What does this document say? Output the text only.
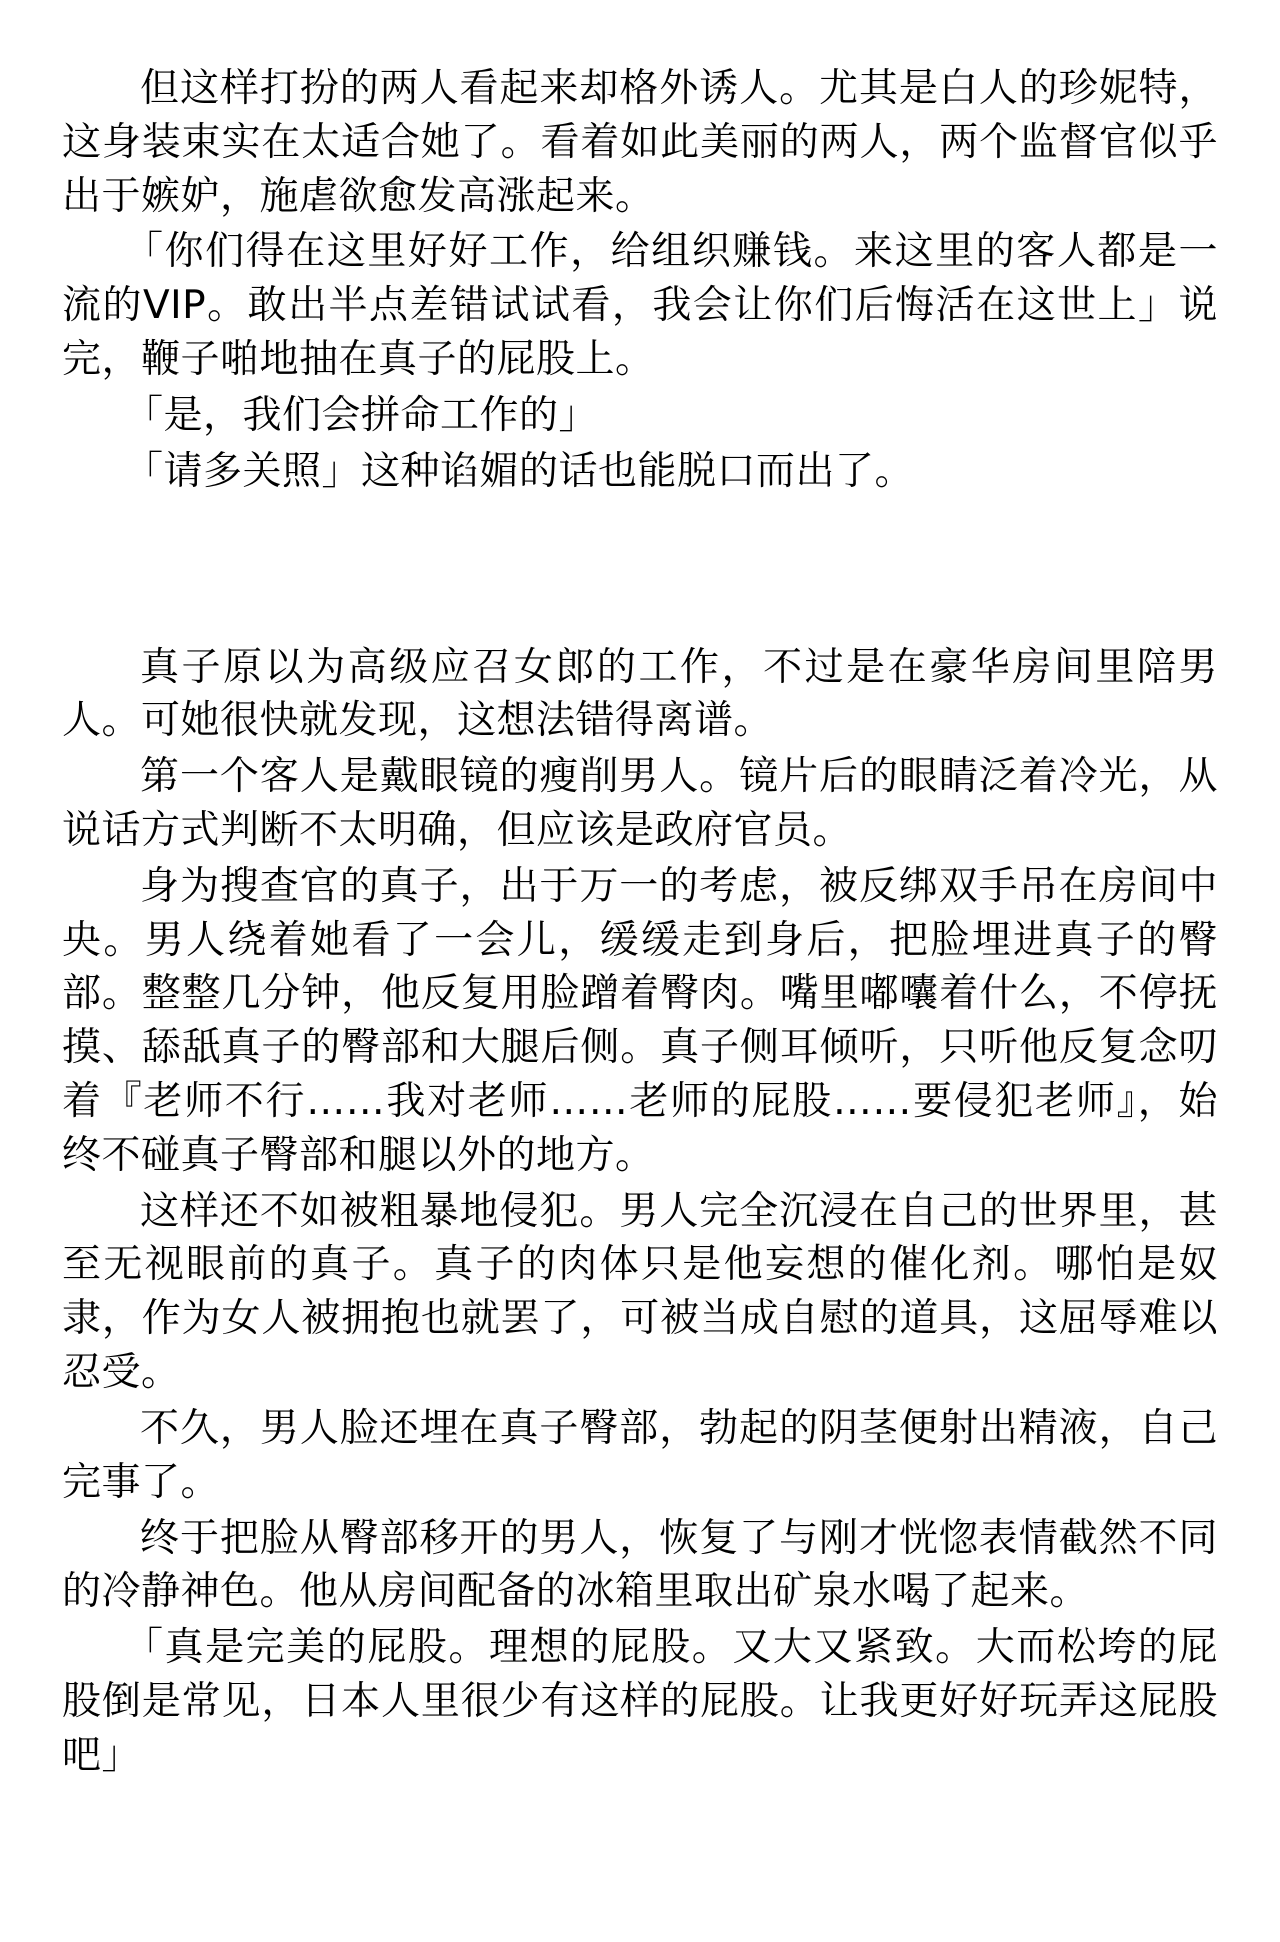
但这样打扮的两人看起来却格外诱人。尤其是白人的珍妮特，这身装束实在太适合她了。看着如此美丽的两人，两个监督官似乎出于嫉妒，施虐欲愈发高涨起来。

「你们得在这里好好工作，给组织赚钱。来这里的客人都是一流的VIP。敢出半点差错试试看，我会让你们后悔活在这世上」说完，鞭子啪地抽在真子的屁股上。

「是，我们会拼命工作的」

「请多关照」这种谄媚的话也能脱口而出了。

真子原以为高级应召女郎的工作，不过是在豪华房间里陪男人。可她很快就发现，这想法错得离谱。

第一个客人是戴眼镜的瘦削男人。镜片后的眼睛泛着冷光，从说话方式判断不太明确，但应该是政府官员。

身为搜查官的真子，出于万一的考虑，被反绑双手吊在房间中央。男人绕着她看了一会儿，缓缓走到身后，把脸埋进真子的臀部。整整几分钟，他反复用脸蹭着臀肉。嘴里嘟囔着什么，不停抚摸、舔舐真子的臀部和大腿后侧。真子侧耳倾听，只听他反复念叨着『老师不行……我对老师……老师的屁股……要侵犯老师』，始终不碰真子臀部和腿以外的地方。

这样还不如被粗暴地侵犯。男人完全沉浸在自己的世界里，甚至无视眼前的真子。真子的肉体只是他妄想的催化剂。哪怕是奴隶，作为女人被拥抱也就罢了，可被当成自慰的道具，这屈辱难以忍受。

不久，男人脸还埋在真子臀部，勃起的阴茎便射出精液，自己完事了。

终于把脸从臀部移开的男人，恢复了与刚才恍惚表情截然不同的冷静神色。他从房间配备的冰箱里取出矿泉水喝了起来。

「真是完美的屁股。理想的屁股。又大又紧致。大而松垮的屁股倒是常见，日本人里很少有这样的屁股。让我更好好玩弄这屁股吧」
